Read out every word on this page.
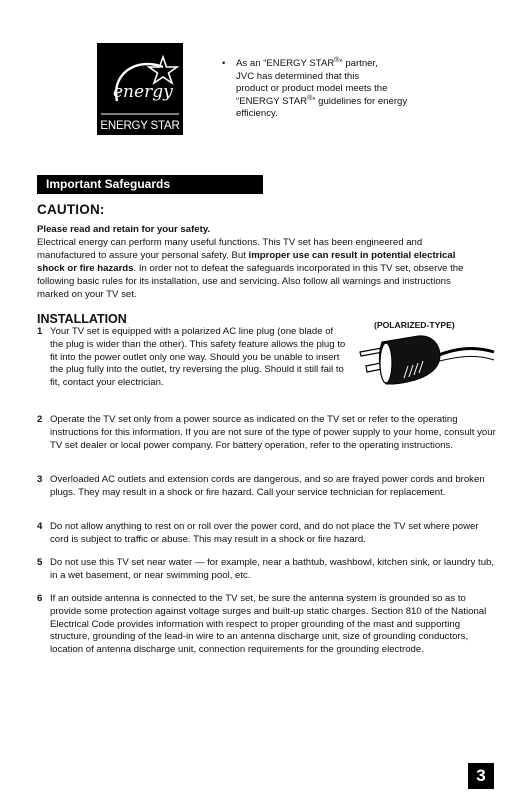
energy
ENERGY STAR
• As an “ENERGY STAR®” partner,
JVC has determined that this
product or product model meets the
“ENERGY STAR®” guidelines for energy
efficiency.
Important Safeguards
CAUTION:
Please read and retain for your safety.
Electrical energy can perform many useful functions. This TV set has been engineered and manufactured to assure your personal safety. But improper use can result in potential electrical shock or fire hazards. In order not to defeat the safeguards incorporated in this TV set, observe the following basic rules for its installation, use and servicing. Also follow all warnings and instructions marked on your TV set.
INSTALLATION	(POLARIZED-TYPE)
1 Your TV set is equipped with a polarized AC line plug (one blade of the plug is wider than the other). This safety feature allows the plug to fit into the power outlet only one way. Should you be unable to insert the plug fully into the outlet, try reversing the plug. Should it still fail to fit, contact your electrician.
2 Operate the TV set only from a power source as indicated on the TV set or refer to the operating instructions for this information. If you are not sure of the type of power supply to your home, consult your TV set dealer or local power company. For battery operation, refer to the operating instructions.
3 Overloaded AC outlets and extension cords are dangerous, and so are frayed power cords and broken plugs. They may result in a shock or fire hazard. Call your service technician for replacement.
4 Do not allow anything to rest on or roll over the power cord, and do not place the TV set where power cord is subject to traffic or abuse. This may result in a shock or fire hazard.
5 Do not use this TV set near water — for example, near a bathtub, washbowl, kitchen sink, or laundry tub, in a wet basement, or near swimming pool, etc.
6 If an outside antenna is connected to the TV set, be sure the antenna system is grounded so as to provide some protection against voltage surges and built-up static charges. Section 810 of the National Electrical Code provides information with respect to proper grounding of the mast and supporting structure, grounding of the lead-in wire to an antenna discharge unit, size of grounding conductors, location of antenna discharge unit, connection requirements for the grounding electrode.
3
